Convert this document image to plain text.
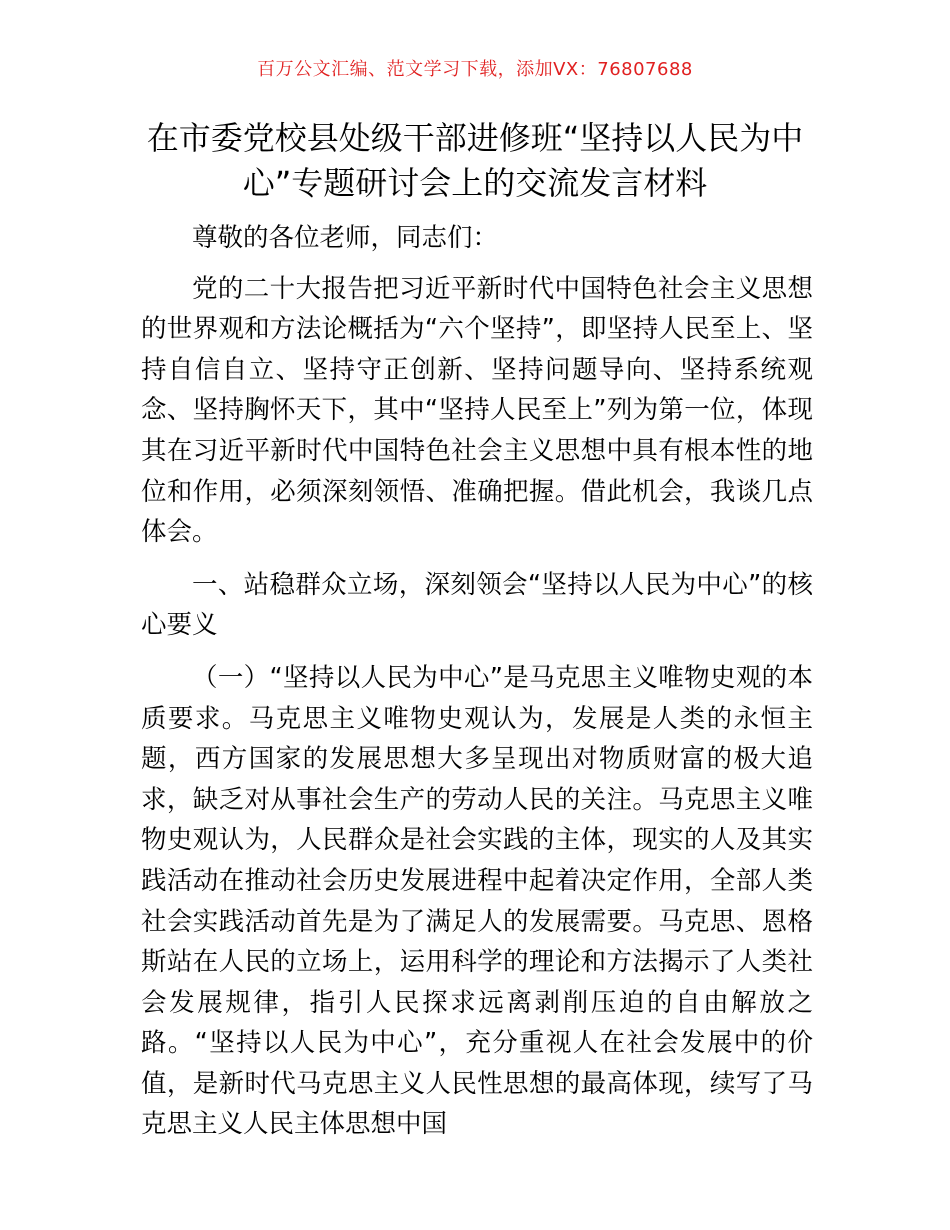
百万公文汇编、范文学习下载，添加VX：76807688
在市委党校县处级干部进修班“坚持以人民为中心”专题研讨会上的交流发言材料

尊敬的各位老师，同志们：

党的二十大报告把习近平新时代中国特色社会主义思想的世界观和方法论概括为“六个坚持”，即坚持人民至上、坚持自信自立、坚持守正创新、坚持问题导向、坚持系统观念、坚持胸怀天下，其中“坚持人民至上”列为第一位，体现其在习近平新时代中国特色社会主义思想中具有根本性的地位和作用，必须深刻领悟、准确把握。借此机会，我谈几点体会。

一、站稳群众立场，深刻领会“坚持以人民为中心”的核心要义

（一）“坚持以人民为中心”是马克思主义唯物史观的本质要求。马克思主义唯物史观认为，发展是人类的永恒主题，西方国家的发展思想大多呈现出对物质财富的极大追求，缺乏对从事社会生产的劳动人民的关注。马克思主义唯物史观认为，人民群众是社会实践的主体，现实的人及其实践活动在推动社会历史发展进程中起着决定作用，全部人类社会实践活动首先是为了满足人的发展需要。马克思、恩格斯站在人民的立场上，运用科学的理论和方法揭示了人类社会发展规律，指引人民探求远离剥削压迫的自由解放之路。“坚持以人民为中心”，充分重视人在社会发展中的价值，是新时代马克思主义人民性思想的最高体现，续写了马克思主义人民主体思想中国
